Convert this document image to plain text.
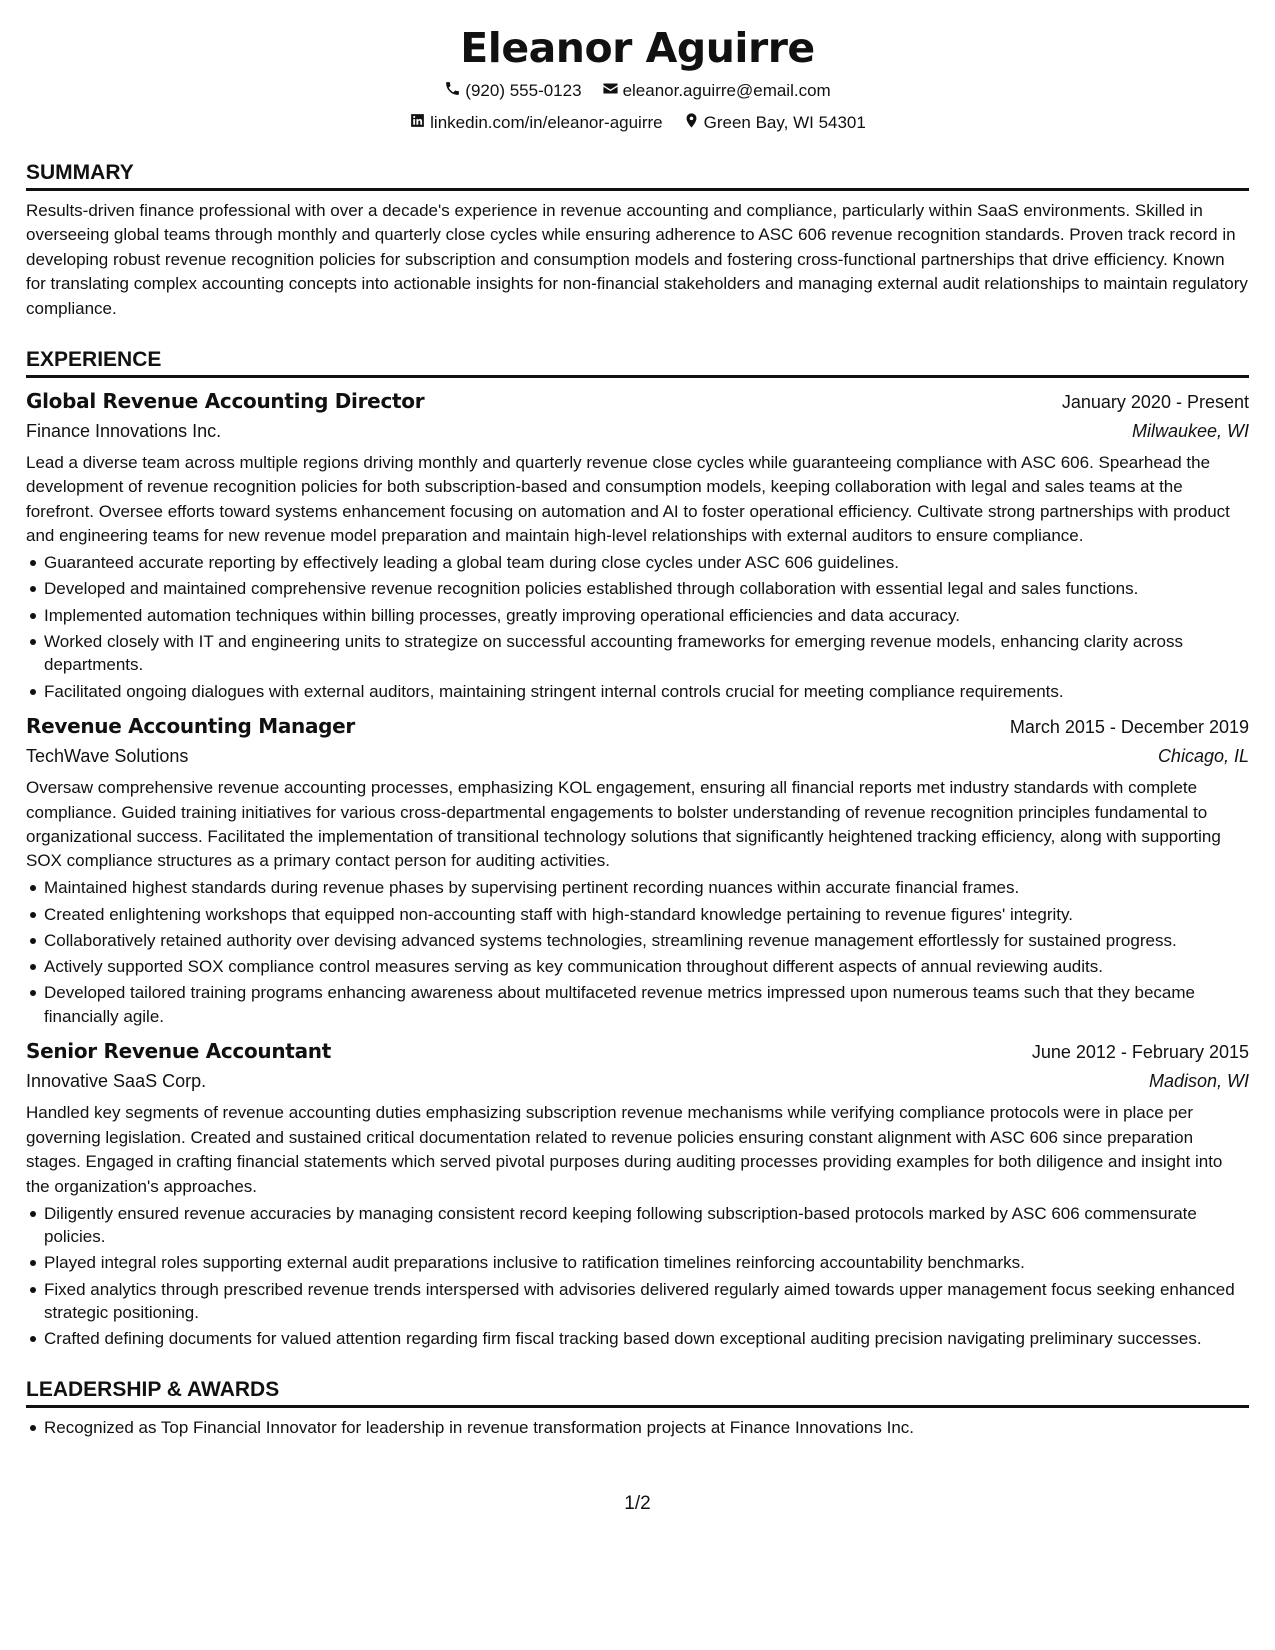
Eleanor Aguirre
(920) 555-0123 eleanor.aguirre@email.com
linkedin.com/in/eleanor-aguirre Green Bay, WI 54301
SUMMARY

Results-driven finance professional with over a decade's experience in revenue accounting and compliance, particularly within SaaS environments. Skilled in overseeing global teams through monthly and quarterly close cycles while ensuring adherence to ASC 606 revenue recognition standards. Proven track record in developing robust revenue recognition policies for subscription and consumption models and fostering cross-functional partnerships that drive efficiency. Known for translating complex accounting concepts into actionable insights for non-financial stakeholders and managing external audit relationships to maintain regulatory compliance.

EXPERIENCE
Global Revenue Accounting Director	January 2020 - Present
Finance Innovations Inc.	Milwaukee, WI

Lead a diverse team across multiple regions driving monthly and quarterly revenue close cycles while guaranteeing compliance with ASC 606. Spearhead the development of revenue recognition policies for both subscription-based and consumption models, keeping collaboration with legal and sales teams at the forefront. Oversee efforts toward systems enhancement focusing on automation and AI to foster operational efficiency. Cultivate strong partnerships with product and engineering teams for new revenue model preparation and maintain high-level relationships with external auditors to ensure compliance.

Guaranteed accurate reporting by effectively leading a global team during close cycles under ASC 606 guidelines.
Developed and maintained comprehensive revenue recognition policies established through collaboration with essential legal and sales functions.
Implemented automation techniques within billing processes, greatly improving operational efficiencies and data accuracy.
Worked closely with IT and engineering units to strategize on successful accounting frameworks for emerging revenue models, enhancing clarity across departments.
Facilitated ongoing dialogues with external auditors, maintaining stringent internal controls crucial for meeting compliance requirements.
Revenue Accounting Manager	March 2015 - December 2019
TechWave Solutions	Chicago, IL

Oversaw comprehensive revenue accounting processes, emphasizing KOL engagement, ensuring all financial reports met industry standards with complete compliance. Guided training initiatives for various cross-departmental engagements to bolster understanding of revenue recognition principles fundamental to organizational success. Facilitated the implementation of transitional technology solutions that significantly heightened tracking efficiency, along with supporting SOX compliance structures as a primary contact person for auditing activities.

Maintained highest standards during revenue phases by supervising pertinent recording nuances within accurate financial frames.
Created enlightening workshops that equipped non-accounting staff with high-standard knowledge pertaining to revenue figures' integrity.
Collaboratively retained authority over devising advanced systems technologies, streamlining revenue management effortlessly for sustained progress.
Actively supported SOX compliance control measures serving as key communication throughout different aspects of annual reviewing audits.
Developed tailored training programs enhancing awareness about multifaceted revenue metrics impressed upon numerous teams such that they became financially agile.
Senior Revenue Accountant	June 2012 - February 2015
Innovative SaaS Corp.	Madison, WI

Handled key segments of revenue accounting duties emphasizing subscription revenue mechanisms while verifying compliance protocols were in place per governing legislation. Created and sustained critical documentation related to revenue policies ensuring constant alignment with ASC 606 since preparation stages. Engaged in crafting financial statements which served pivotal purposes during auditing processes providing examples for both diligence and insight into the organization's approaches.

Diligently ensured revenue accuracies by managing consistent record keeping following subscription-based protocols marked by ASC 606 commensurate policies.
Played integral roles supporting external audit preparations inclusive to ratification timelines reinforcing accountability benchmarks.
Fixed analytics through prescribed revenue trends interspersed with advisories delivered regularly aimed towards upper management focus seeking enhanced strategic positioning.
Crafted defining documents for valued attention regarding firm fiscal tracking based down exceptional auditing precision navigating preliminary successes.
LEADERSHIP & AWARDS
Recognized as Top Financial Innovator for leadership in revenue transformation projects at Finance Innovations Inc.
1/2
